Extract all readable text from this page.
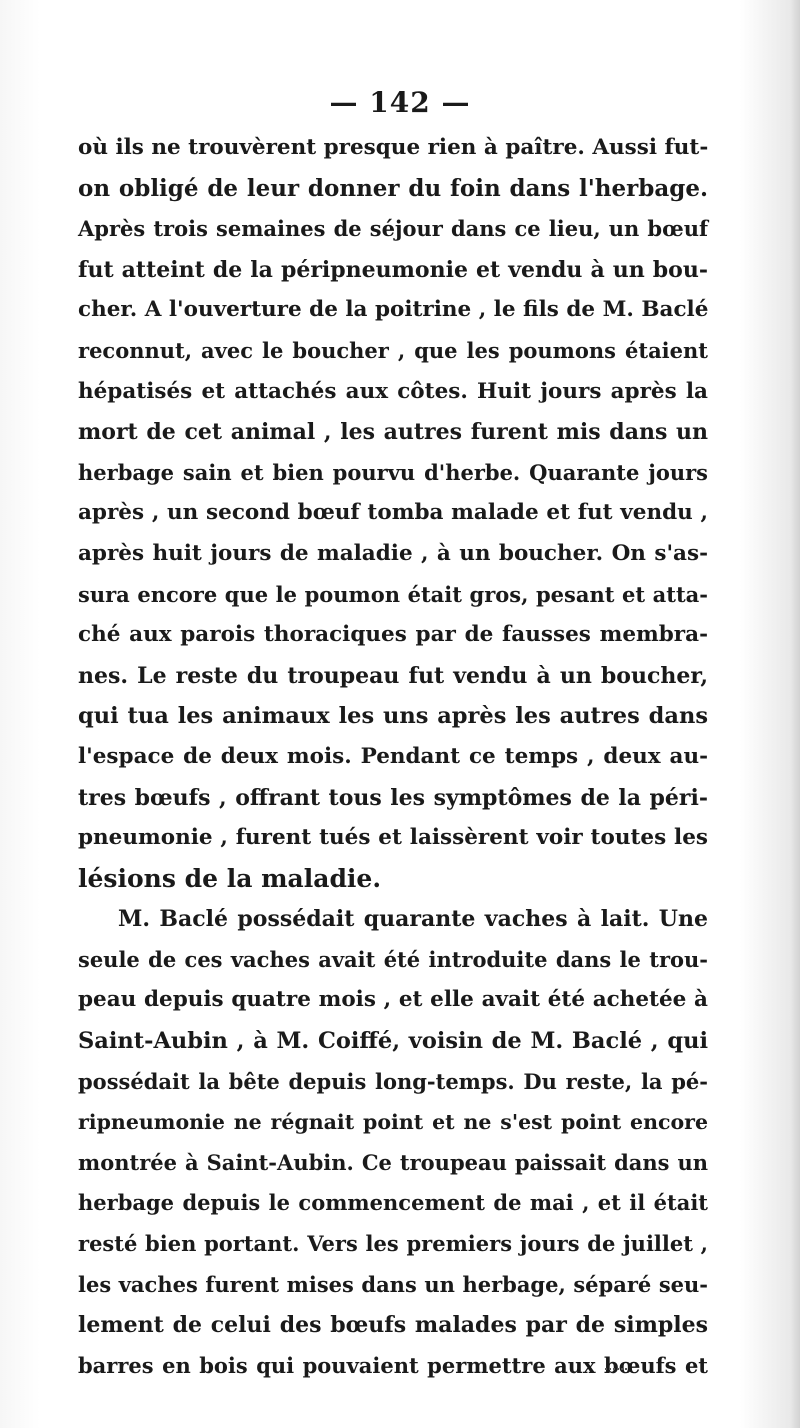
— 142 —
où ils ne trouvèrent presque rien à paître. Aussi fut-
on obligé de leur donner du foin dans l'herbage.
Après trois semaines de séjour dans ce lieu, un bœuf
fut atteint de la péripneumonie et vendu à un bou-
cher. A l'ouverture de la poitrine , le fils de M. Baclé
reconnut, avec le boucher , que les poumons étaient
hépatisés et attachés aux côtes. Huit jours après la
mort de cet animal , les autres furent mis dans un
herbage sain et bien pourvu d'herbe. Quarante jours
après , un second bœuf tomba malade et fut vendu ,
après huit jours de maladie , à un boucher. On s'as-
sura encore que le poumon était gros, pesant et atta-
ché aux parois thoraciques par de fausses membra-
nes. Le reste du troupeau fut vendu à un boucher,
qui tua les animaux les uns après les autres dans
l'espace de deux mois. Pendant ce temps , deux au-
tres bœufs , offrant tous les symptômes de la péri-
pneumonie , furent tués et laissèrent voir toutes les
lésions de la maladie.
M. Baclé possédait quarante vaches à lait. Une
seule de ces vaches avait été introduite dans le trou-
peau depuis quatre mois , et elle avait été achetée à
Saint-Aubin , à M. Coiffé, voisin de M. Baclé , qui
possédait la bête depuis long-temps. Du reste, la pé-
ripneumonie ne régnait point et ne s'est point encore
montrée à Saint-Aubin. Ce troupeau paissait dans un
herbage depuis le commencement de mai , et il était
resté bien portant. Vers les premiers jours de juillet ,
les vaches furent mises dans un herbage, séparé seu-
lement de celui des bœufs malades par de simples
barres en bois qui pouvaient permettre aux bœufs et
